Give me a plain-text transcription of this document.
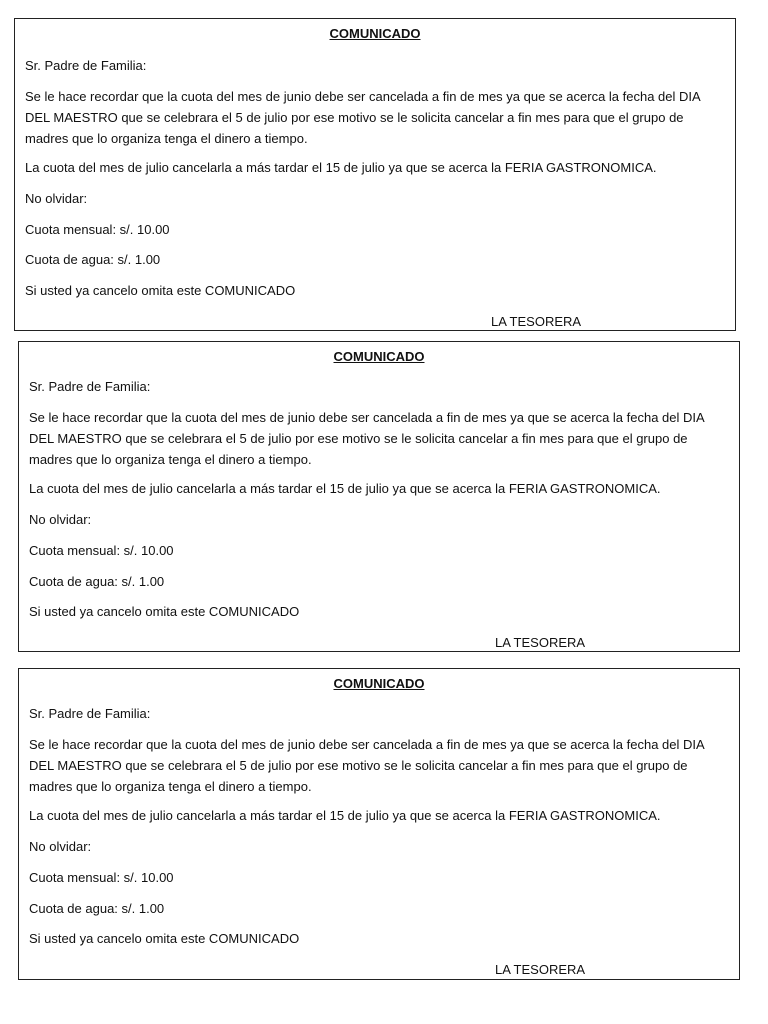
COMUNICADO
Sr. Padre de Familia:
Se le hace recordar que la cuota del mes de junio debe ser cancelada a fin de mes ya que se acerca la fecha del DIA DEL MAESTRO que se celebrara el 5 de julio por ese motivo se le solicita cancelar a fin mes para que el grupo de madres que lo organiza tenga el dinero a tiempo.
La cuota del mes de julio cancelarla a más tardar el 15 de julio ya que se acerca la FERIA GASTRONOMICA.
No olvidar:
Cuota mensual: s/. 10.00
Cuota de agua: s/. 1.00
Si usted ya cancelo omita este COMUNICADO
LA TESORERA
COMUNICADO
Sr. Padre de Familia:
Se le hace recordar que la cuota del mes de junio debe ser cancelada a fin de mes ya que se acerca la fecha del DIA DEL MAESTRO que se celebrara el 5 de julio por ese motivo se le solicita cancelar a fin mes para que el grupo de madres que lo organiza tenga el dinero a tiempo.
La cuota del mes de julio cancelarla a más tardar el 15 de julio ya que se acerca la FERIA GASTRONOMICA.
No olvidar:
Cuota mensual: s/. 10.00
Cuota de agua: s/. 1.00
Si usted ya cancelo omita este COMUNICADO
LA TESORERA
COMUNICADO
Sr. Padre de Familia:
Se le hace recordar que la cuota del mes de junio debe ser cancelada a fin de mes ya que se acerca la fecha del DIA DEL MAESTRO que se celebrara el 5 de julio por ese motivo se le solicita cancelar a fin mes para que el grupo de madres que lo organiza tenga el dinero a tiempo.
La cuota del mes de julio cancelarla a más tardar el 15 de julio ya que se acerca la FERIA GASTRONOMICA.
No olvidar:
Cuota mensual: s/. 10.00
Cuota de agua: s/. 1.00
Si usted ya cancelo omita este COMUNICADO
LA TESORERA
